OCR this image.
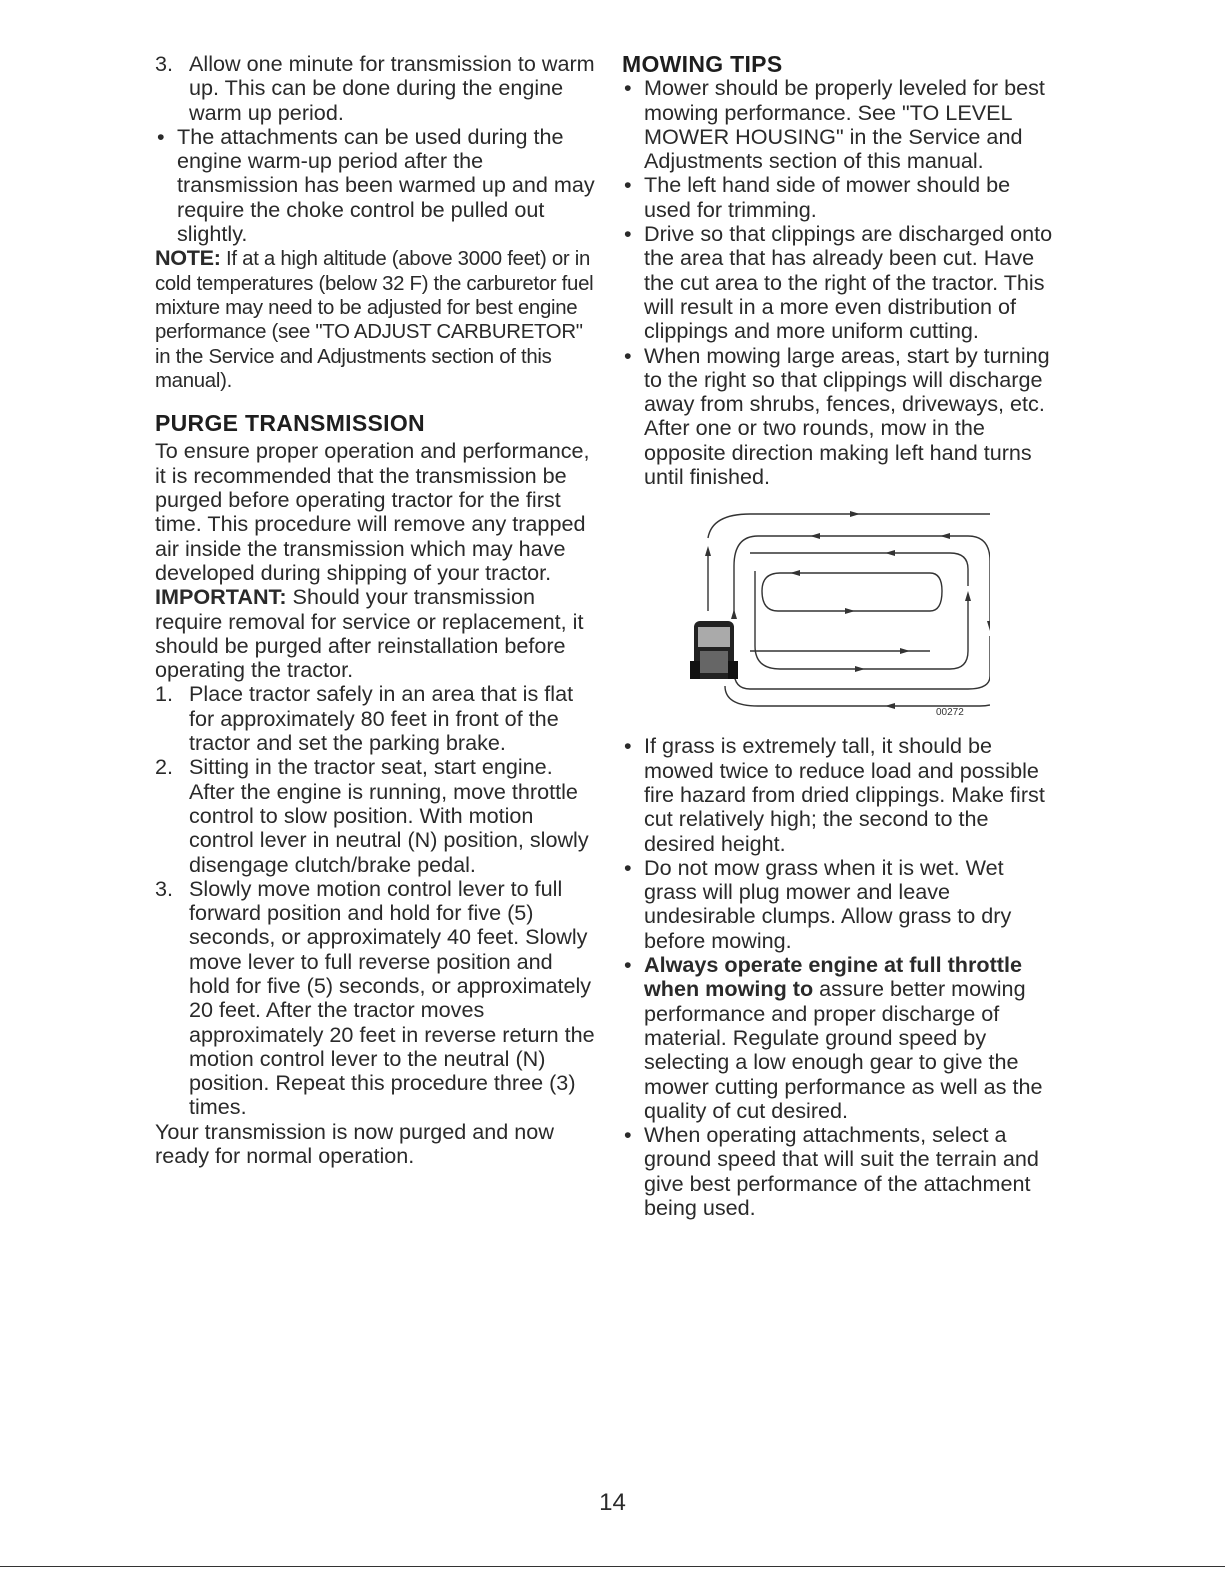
3. Allow one minute for transmission to warm up. This can be done during the engine warm up period.

• The attachments can be used during the engine warm-up period after the transmission has been warmed up and may require the choke control be pulled out slightly.

NOTE: If at a high altitude (above 3000 feet) or in cold temperatures (below 32 F) the carburetor fuel mixture may need to be adjusted for best engine performance (see "TO ADJUST CARBURETOR" in the Service and Adjustments section of this manual).

PURGE TRANSMISSION

To ensure proper operation and performance, it is recommended that the transmission be purged before operating tractor for the first time. This procedure will remove any trapped air inside the transmission which may have developed during shipping of your tractor.

IMPORTANT: Should your transmission require removal for service or replacement, it should be purged after reinstallation before operating the tractor.

1. Place tractor safely in an area that is flat for approximately 80 feet in front of the tractor and set the parking brake.

2. Sitting in the tractor seat, start engine. After the engine is running, move throttle control to slow position. With motion control lever in neutral (N) position, slowly disengage clutch/brake pedal.

3. Slowly move motion control lever to full forward position and hold for five (5) seconds, or approximately 40 feet. Slowly move lever to full reverse position and hold for five (5) seconds, or approximately 20 feet. After the tractor moves approximately 20 feet in reverse return the motion control lever to the neutral (N) position. Repeat this procedure three (3) times.

Your transmission is now purged and now ready for normal operation.

MOWING TIPS

• Mower should be properly leveled for best mowing performance. See "TO LEVEL MOWER HOUSING" in the Service and Adjustments section of this manual.

• The left hand side of mower should be used for trimming.

• Drive so that clippings are discharged onto the area that has already been cut. Have the cut area to the right of the tractor. This will result in a more even distribution of clippings and more uniform cutting.

• When mowing large areas, start by turning to the right so that clippings will discharge away from shrubs, fences, driveways, etc. After one or two rounds, mow in the opposite direction making left hand turns until finished.

00272

• If grass is extremely tall, it should be mowed twice to reduce load and possible fire hazard from dried clippings. Make first cut relatively high; the second to the desired height.

• Do not mow grass when it is wet. Wet grass will plug mower and leave undesirable clumps. Allow grass to dry before mowing.

• Always operate engine at full throttle when mowing to assure better mowing performance and proper discharge of material. Regulate ground speed by selecting a low enough gear to give the mower cutting performance as well as the quality of cut desired.

• When operating attachments, select a ground speed that will suit the terrain and give best performance of the attachment being used.

14
